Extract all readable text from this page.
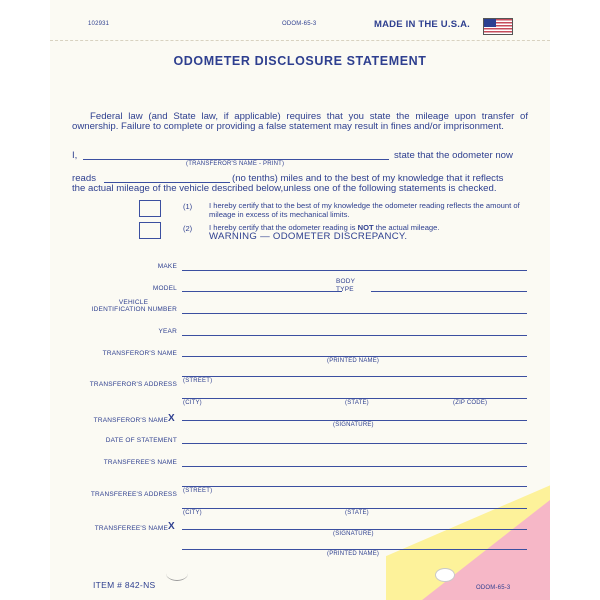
102931	ODOM-65-3	MADE IN THE U.S.A.
ODOMETER DISCLOSURE STATEMENT
Federal law (and State law, if applicable) requires that you state the mileage upon transfer of ownership. Failure to complete or providing a false statement may result in fines and/or imprisonment.
I,
(TRANSFEROR'S NAME - PRINT)
state that the odometer now
reads	(no tenths) miles and to the best of my knowledge that it reflects
the actual mileage of the vehicle described below,unless one of the following statements is checked.
(1) I hereby certify that to the best of my knowledge the odometer reading reflects the amount of mileage in excess of its mechanical limits.
(2) I hereby certify that the odometer reading is NOT the actual mileage.
WARNING — ODOMETER DISCREPANCY.
MAKE
MODEL
BODY TYPE
VEHICLE
IDENTIFICATION NUMBER
YEAR
TRANSFEROR'S NAME
(PRINTED NAME)
(STREET)
TRANSFEROR'S ADDRESS
(CITY)	(STATE)	(ZIP CODE)
TRANSFEROR'S NAME X
(SIGNATURE)
DATE OF STATEMENT
TRANSFEREE'S NAME
(STREET)
TRANSFEREE'S ADDRESS
(CITY)	(STATE)
TRANSFEREE'S NAME X
(SIGNATURE)
(PRINTED NAME)
ITEM # 842-NS	ODOM-65-3
